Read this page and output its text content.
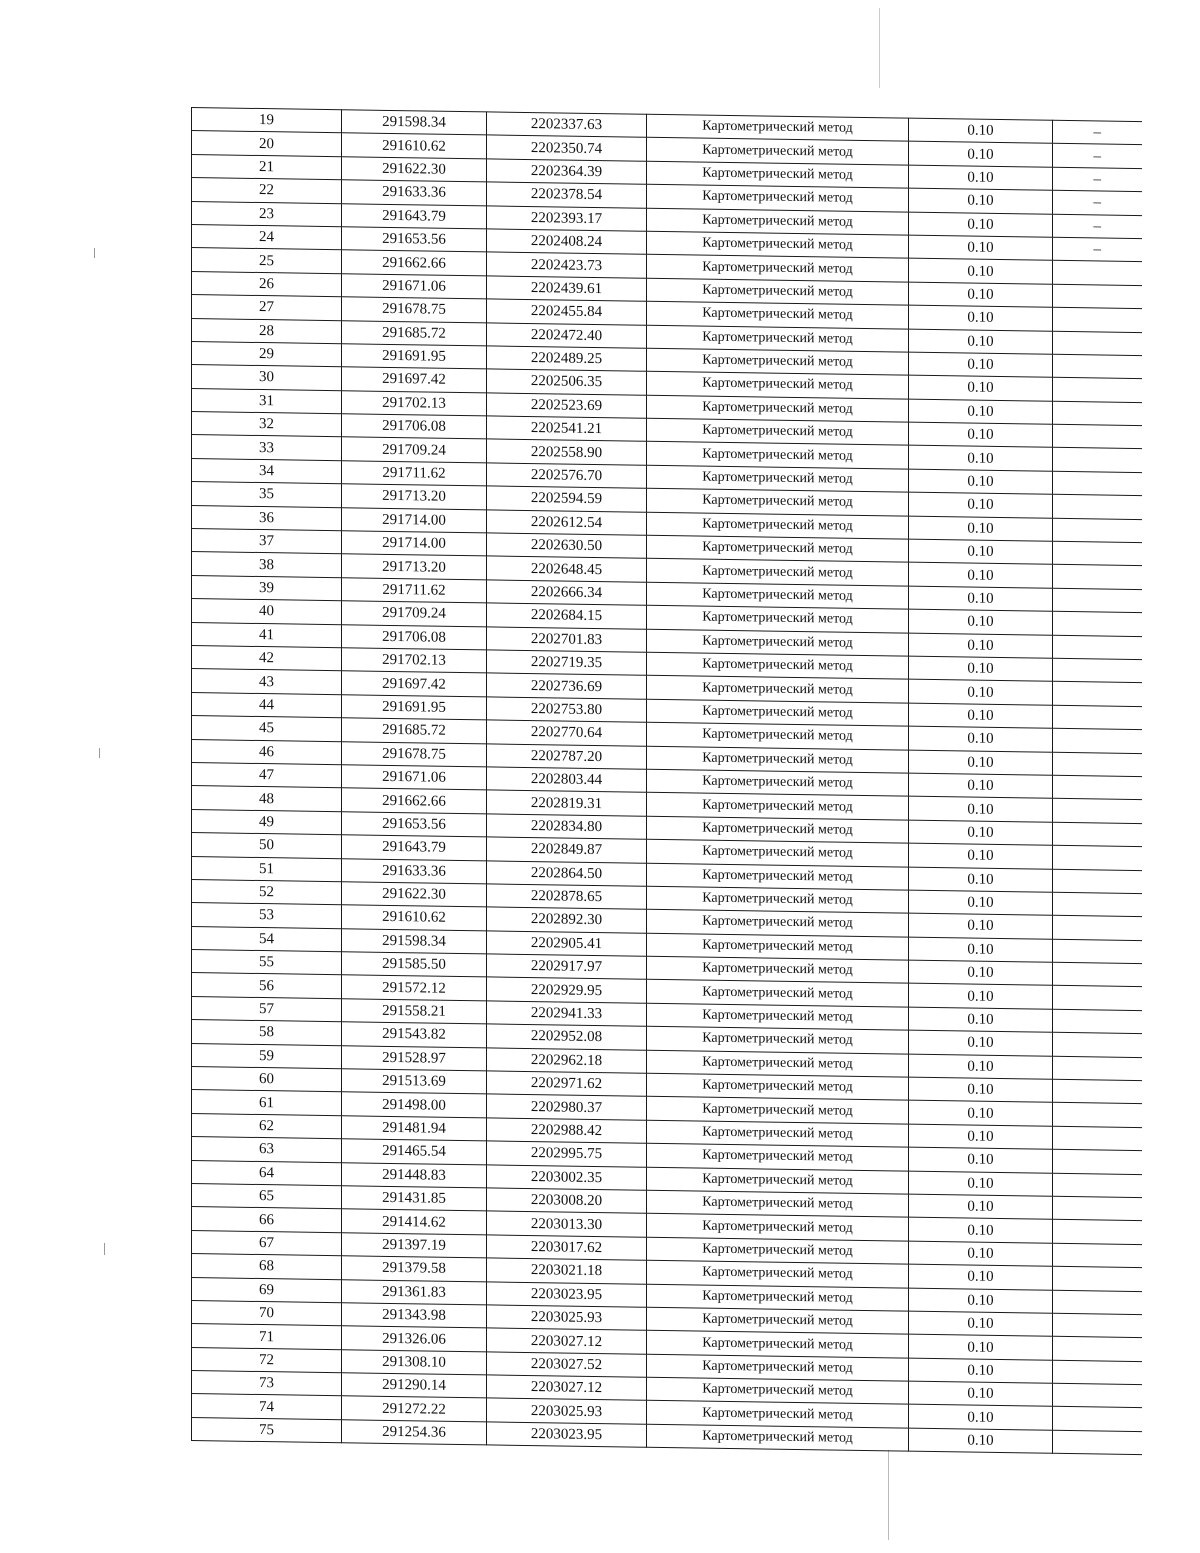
19	291598.34	2202337.63	Картометрический метод	0.10	–
20	291610.62	2202350.74	Картометрический метод	0.10	–
21	291622.30	2202364.39	Картометрический метод	0.10	–
22	291633.36	2202378.54	Картометрический метод	0.10	–
23	291643.79	2202393.17	Картометрический метод	0.10	–
24	291653.56	2202408.24	Картометрический метод	0.10	–
25	291662.66	2202423.73	Картометрический метод	0.10	
26	291671.06	2202439.61	Картометрический метод	0.10	
27	291678.75	2202455.84	Картометрический метод	0.10	
28	291685.72	2202472.40	Картометрический метод	0.10	
29	291691.95	2202489.25	Картометрический метод	0.10	
30	291697.42	2202506.35	Картометрический метод	0.10	
31	291702.13	2202523.69	Картометрический метод	0.10	
32	291706.08	2202541.21	Картометрический метод	0.10	
33	291709.24	2202558.90	Картометрический метод	0.10	
34	291711.62	2202576.70	Картометрический метод	0.10	
35	291713.20	2202594.59	Картометрический метод	0.10	
36	291714.00	2202612.54	Картометрический метод	0.10	
37	291714.00	2202630.50	Картометрический метод	0.10	
38	291713.20	2202648.45	Картометрический метод	0.10	
39	291711.62	2202666.34	Картометрический метод	0.10	
40	291709.24	2202684.15	Картометрический метод	0.10	
41	291706.08	2202701.83	Картометрический метод	0.10	
42	291702.13	2202719.35	Картометрический метод	0.10	
43	291697.42	2202736.69	Картометрический метод	0.10	
44	291691.95	2202753.80	Картометрический метод	0.10	
45	291685.72	2202770.64	Картометрический метод	0.10	
46	291678.75	2202787.20	Картометрический метод	0.10	
47	291671.06	2202803.44	Картометрический метод	0.10	
48	291662.66	2202819.31	Картометрический метод	0.10	
49	291653.56	2202834.80	Картометрический метод	0.10	
50	291643.79	2202849.87	Картометрический метод	0.10	
51	291633.36	2202864.50	Картометрический метод	0.10	
52	291622.30	2202878.65	Картометрический метод	0.10	
53	291610.62	2202892.30	Картометрический метод	0.10	
54	291598.34	2202905.41	Картометрический метод	0.10	
55	291585.50	2202917.97	Картометрический метод	0.10	
56	291572.12	2202929.95	Картометрический метод	0.10	
57	291558.21	2202941.33	Картометрический метод	0.10	
58	291543.82	2202952.08	Картометрический метод	0.10	
59	291528.97	2202962.18	Картометрический метод	0.10	
60	291513.69	2202971.62	Картометрический метод	0.10	
61	291498.00	2202980.37	Картометрический метод	0.10	
62	291481.94	2202988.42	Картометрический метод	0.10	
63	291465.54	2202995.75	Картометрический метод	0.10	
64	291448.83	2203002.35	Картометрический метод	0.10	
65	291431.85	2203008.20	Картометрический метод	0.10	
66	291414.62	2203013.30	Картометрический метод	0.10	
67	291397.19	2203017.62	Картометрический метод	0.10	
68	291379.58	2203021.18	Картометрический метод	0.10	
69	291361.83	2203023.95	Картометрический метод	0.10	
70	291343.98	2203025.93	Картометрический метод	0.10	
71	291326.06	2203027.12	Картометрический метод	0.10	
72	291308.10	2203027.52	Картометрический метод	0.10	
73	291290.14	2203027.12	Картометрический метод	0.10	
74	291272.22	2203025.93	Картометрический метод	0.10	
75	291254.36	2203023.95	Картометрический метод	0.10	
